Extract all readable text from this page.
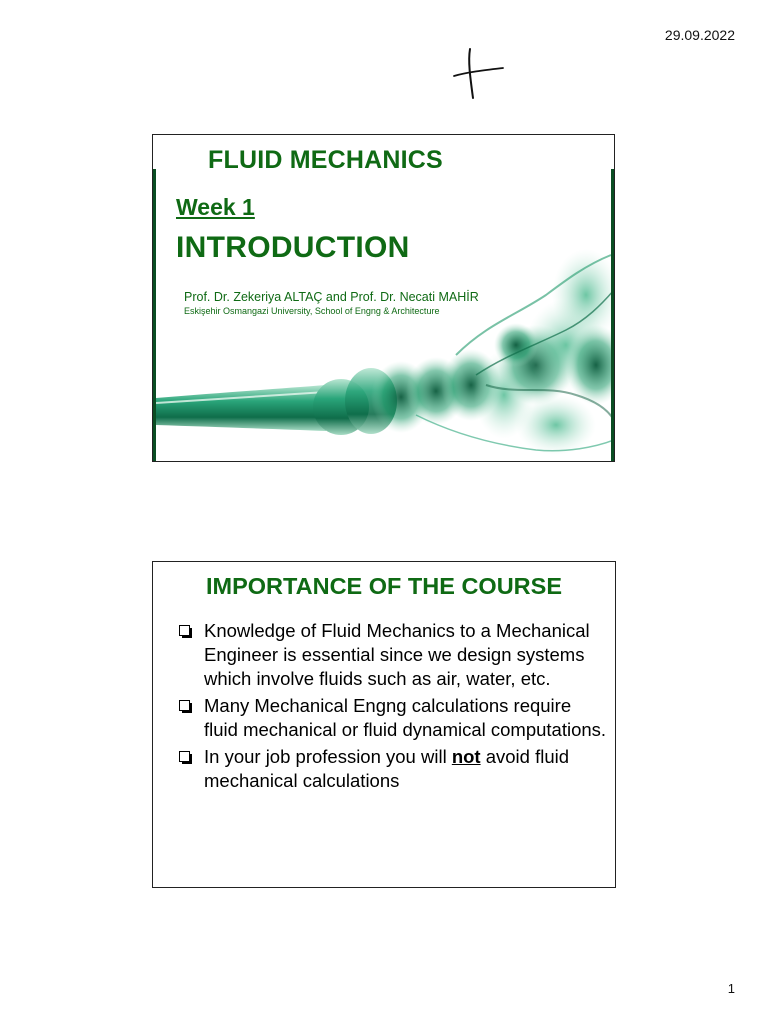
29.09.2022
FLUID MECHANICS
Week 1
INTRODUCTION
Prof. Dr. Zekeriya ALTAÇ and Prof. Dr. Necati MAHİR
Eskişehir Osmangazi University, School of Engng & Architecture
IMPORTANCE OF THE COURSE
Knowledge of Fluid Mechanics to a Mechanical Engineer is essential since we design systems which involve fluids such as air, water, etc.
Many Mechanical Engng calculations require fluid mechanical or fluid dynamical computations.
In your job profession you will not avoid fluid mechanical calculations
1
